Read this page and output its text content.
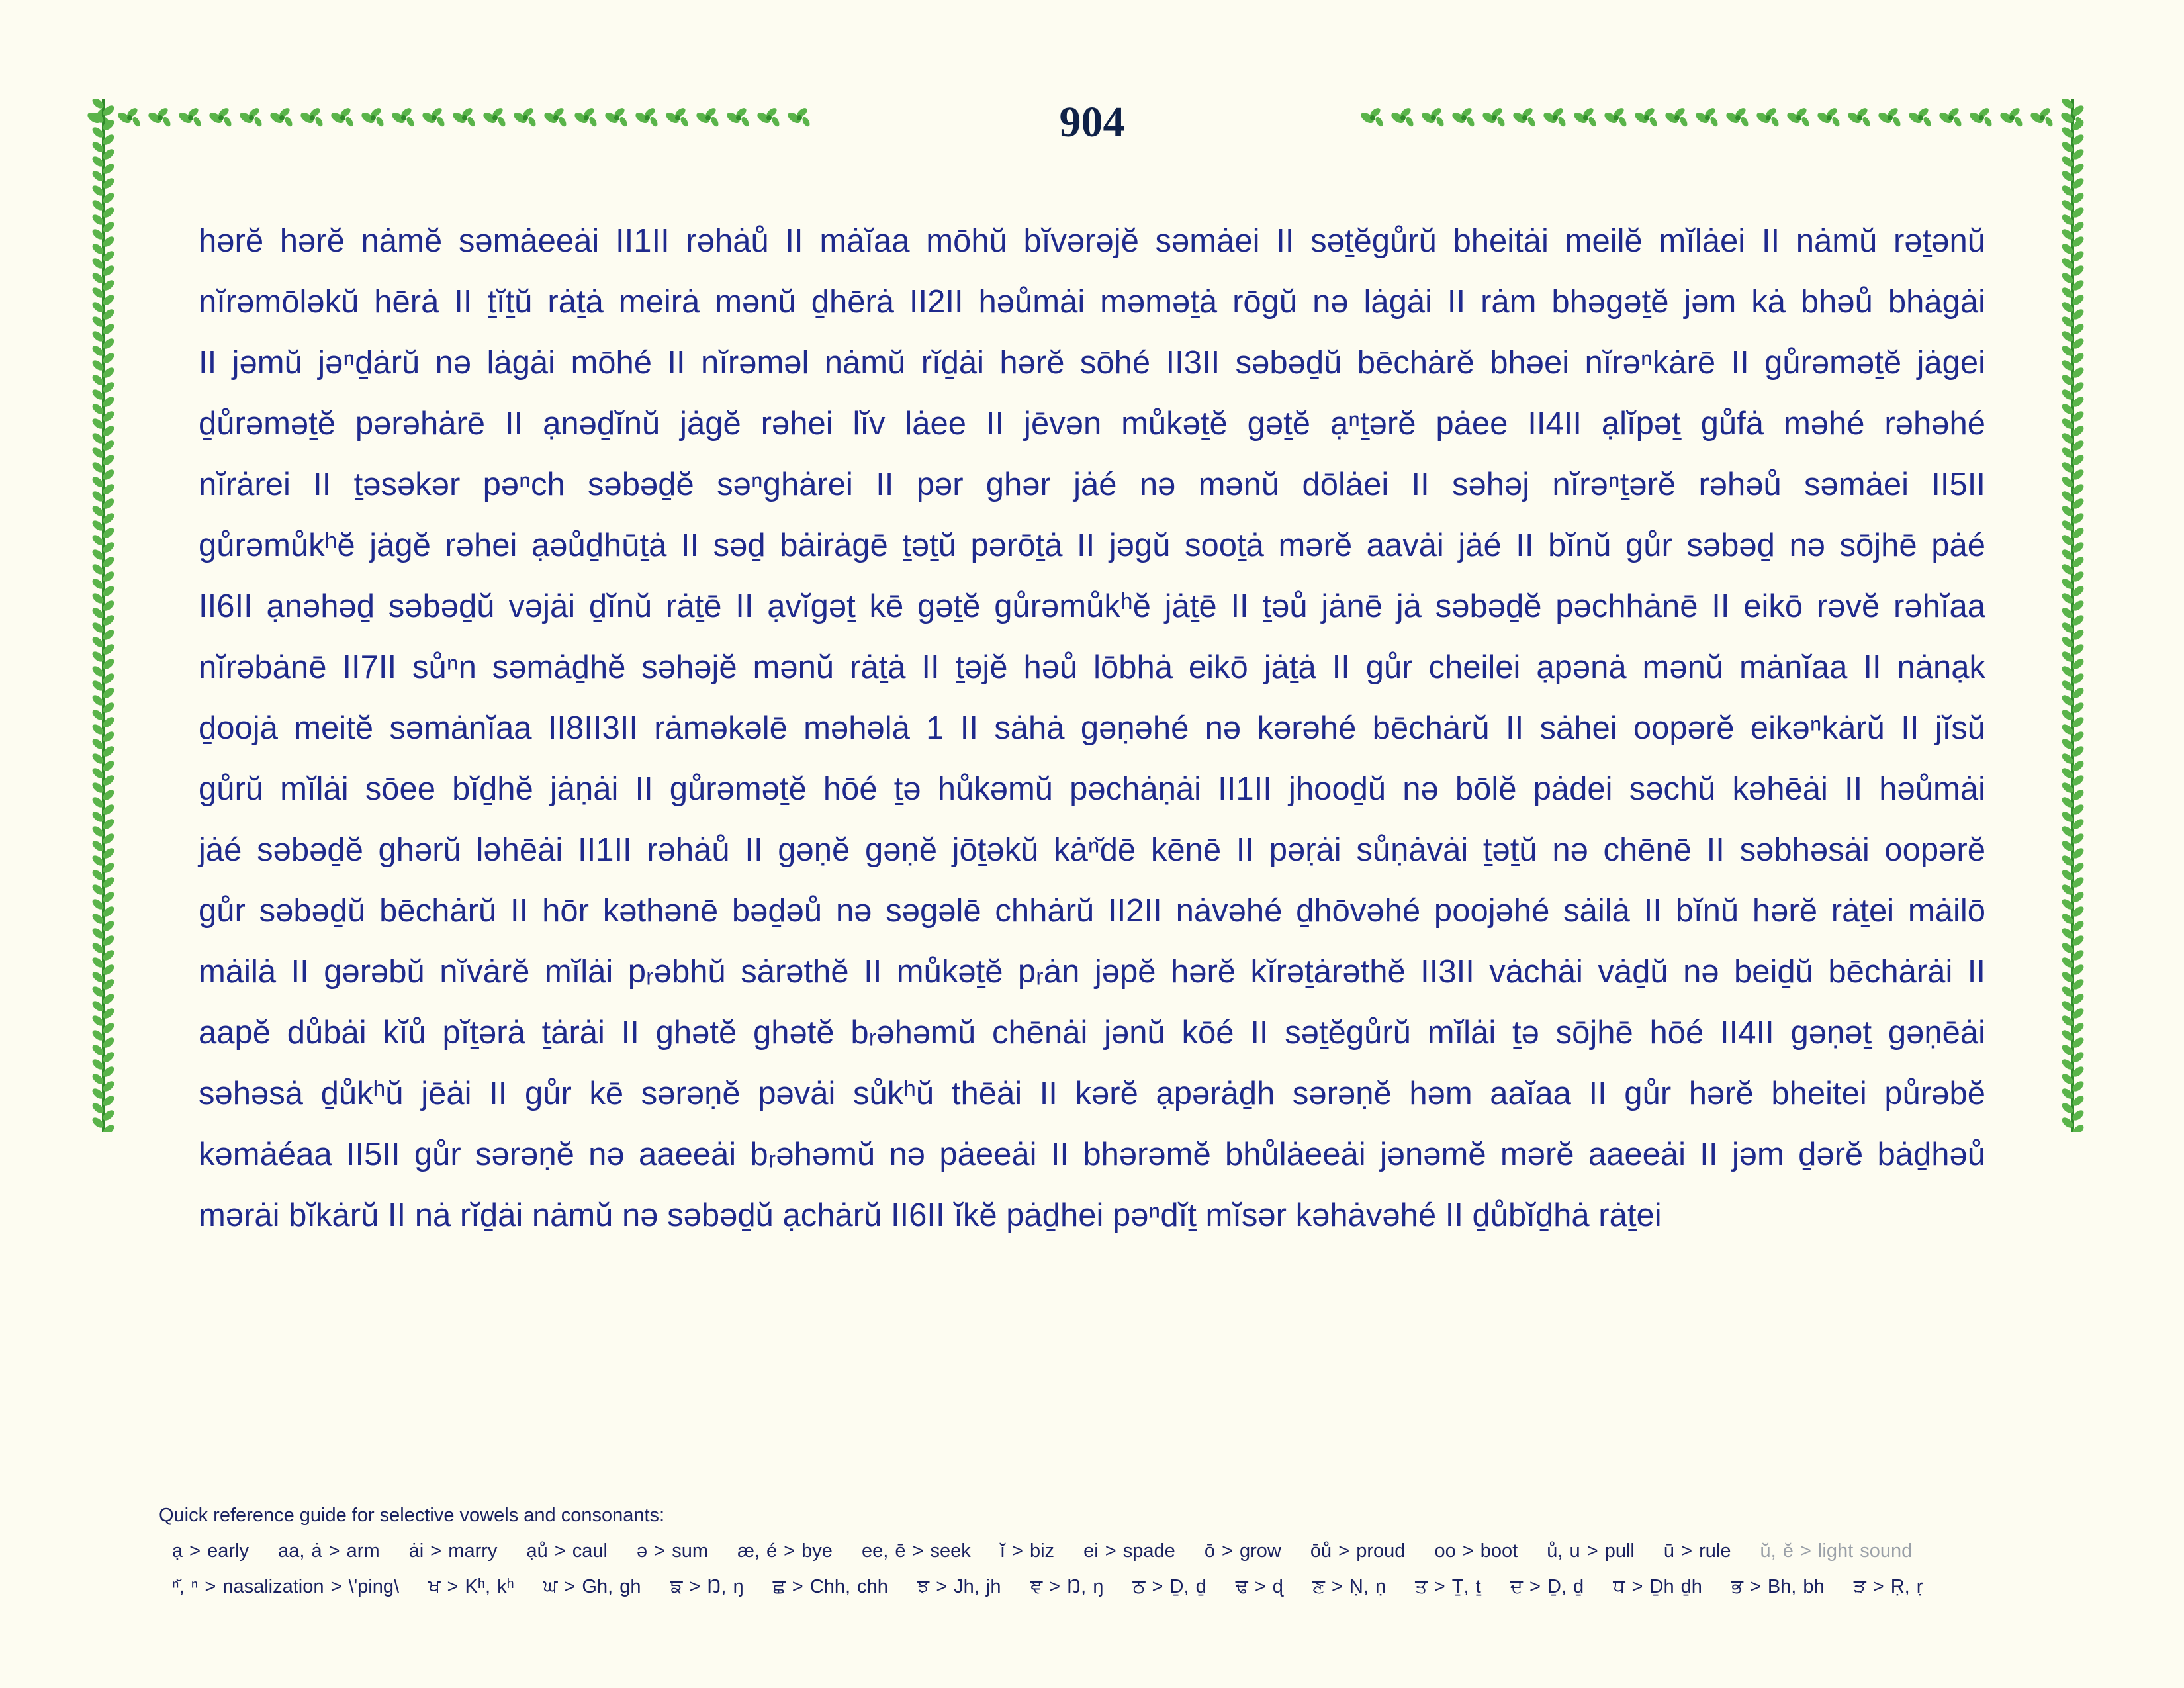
904
hərĕ hərĕ nȧmĕ səmȧeeȧi II1II rəhȧů II mȧĭaa mōhŭ bĭvərəjĕ səmȧei II səṯĕgůrŭ bheitȧi meilĕ mĭlȧei II nȧmŭ rəṯənŭ
nĭrəmōləkŭ hērȧ II ṯĭṯŭ rȧṯȧ meirȧ mənŭ ḏhērȧ II2II həůmȧi məməṯȧ rōgŭ nə lȧgȧi II rȧm bhəgəṯĕ jəm kȧ bhəů bhȧgȧi
II jəmŭ jəⁿḏȧrŭ nə lȧgȧi mōhé II nĭrəməl nȧmŭ rĭḏȧi hərĕ sōhé II3II səbəḏŭ bēchȧrĕ bhəei nĭrəⁿkȧrē II gůrəməṯĕ jȧgei
ḏůrəməṯĕ pərəhȧrē II ạnəḏĭnŭ jȧgĕ rəhei lĭv lȧee II jēvən můkəṯĕ gəṯĕ ạⁿṯərĕ pȧee II4II ạlĭpəṯ gůfȧ məhé rəhəhé
nĭrȧrei II ṯəsəkər pəⁿch səbəḏĕ səⁿghȧrei II pər ghər jȧé nə mənŭ dōlȧei II səhəj nĭrəⁿṯərĕ rəhəů səmȧei II5II
gůrəmůkʰĕ jȧgĕ rəhei ạəůḏhūṯȧ II səḏ bȧirȧgē ṯəṯŭ pərōṯȧ II jəgŭ sooṯȧ mərĕ aavȧi jȧé II bĭnŭ gůr səbəḏ nə sōjhē pȧé
II6II ạnəhəḏ səbəḏŭ vəjȧi ḏĭnŭ rȧṯē II ạvĭgəṯ kē gəṯĕ gůrəmůkʰĕ jȧṯē II ṯəů jȧnē jȧ səbəḏĕ pəchhȧnē II eikō rəvĕ rəhĭaa
nĭrəbȧnē II7II sůⁿn səmȧḏhĕ səhəjĕ mənŭ rȧṯȧ II ṯəjĕ həů lōbhȧ eikō jȧṯȧ II gůr cheilei ạpənȧ mənŭ mȧnĭaa II nȧnạk
ḏoojȧ meitĕ səmȧnĭaa II8II3II rȧməkəlē məhəlȧ 1 II sȧhȧ gəṇəhé nə kərəhé bēchȧrŭ II sȧhei oopərĕ eikəⁿkȧrŭ II jĭsŭ
gůrŭ mĭlȧi sōee bĭḏhĕ jȧṇȧi II gůrəməṯĕ hōé ṯə hůkəmŭ pəchȧṇȧi II1II jhooḏŭ nə bōlĕ pȧdei səchŭ kəhēȧi II həůmȧi
jȧé səbəḏĕ ghərŭ ləhēȧi II1II rəhȧů II gəṇĕ gəṇĕ jōṯəkŭ kȧⁿ̆dē kēnē II pəṛȧi sůṇȧvȧi ṯəṯŭ nə chēnē II səbhəsȧi oopərĕ
gůr səbəḏŭ bēchȧrŭ II hōr kəthənē bəḏəů nə səgəlē chhȧrŭ II2II nȧvəhé ḏhōvəhé poojəhé sȧilȧ II bĭnŭ hərĕ rȧṯei mȧilō
mȧilȧ II gərəbŭ nĭvȧrĕ mĭlȧi pᵣəbhŭ sȧrəthĕ II můkəṯĕ pᵣȧn jəpĕ hərĕ kĭrəṯȧrəthĕ II3II vȧchȧi vȧḏŭ nə beiḏŭ bēchȧrȧi II
aapĕ důbȧi kĭů pĭṯərȧ ṯȧrȧi II ghətĕ ghətĕ bᵣəhəmŭ chēnȧi jənŭ kōé II səṯĕgůrŭ mĭlȧi ṯə sōjhē hōé II4II gəṇəṯ gəṇēȧi
səhəsȧ ḏůkʰŭ jēȧi II gůr kē sərəṇĕ pəvȧi sůkʰŭ thēȧi II kərĕ ạpərȧḏh sərəṇĕ həm aaĭaa II gůr hərĕ bheitei půrəbĕ
kəmȧéaa II5II gůr sərəṇĕ nə aaeeȧi bᵣəhəmŭ nə pȧeeȧi II bhərəmĕ bhůlȧeeȧi jənəmĕ mərĕ aaeeȧi II jəm ḏərĕ bȧḏhəů
mərȧi bĭkȧrŭ II nȧ rĭḏȧi nȧmŭ nə səbəḏŭ ạchȧrŭ II6II ĭkĕ pȧḏhei pəⁿdĭṯ mĭsər kəhȧvəhé II ḏůbĭḏhȧ rȧṯei
Quick reference guide for selective vowels and consonants:
ạ > early aa, ȧ > arm ȧi > marry ạů > caul ə > sum æ, é > bye ee, ē > seek ĭ > biz ei > spade ō > grow ōů > proud oo > boot ů, u > pull ū > rule ŭ, ĕ > light sound
ⁿ̆, ⁿ > nasalization > \'ping\ ਖ > Kʰ, kʰ ਘ > Gh, gh ਙ > Ŋ, ŋ ਛ > Chh, chh ਝ > Jh, jh ਞ > Ŋ, ŋ ਠ > Ḏ, ḏ ਢ > ɖ ਣ > Ṇ, ṇ ਤ > Ṯ, ṯ ਦ > Ḏ, ḏ ਧ > Ḏh ḏh ਭ > Bh, bh ੜ > Ṛ, ṛ
